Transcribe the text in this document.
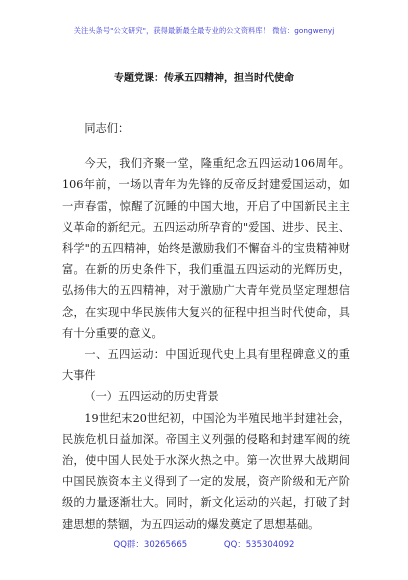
关注头条号"公文研究"，获得最新最全最专业的公文资料库！ 微信：gongwenyj
专题党课：传承五四精神，担当时代使命

同志们：

今天，我们齐聚一堂，隆重纪念五四运动106周年。106年前，一场以青年为先锋的反帝反封建爱国运动，如一声春雷，惊醒了沉睡的中国大地，开启了中国新民主主义革命的新纪元。五四运动所孕育的"爱国、进步、民主、科学"的五四精神，始终是激励我们不懈奋斗的宝贵精神财富。在新的历史条件下，我们重温五四运动的光辉历史，弘扬伟大的五四精神，对于激励广大青年党员坚定理想信念，在实现中华民族伟大复兴的征程中担当时代使命，具有十分重要的意义。

一、五四运动：中国近现代史上具有里程碑意义的重大事件

（一）五四运动的历史背景

19世纪末20世纪初，中国沦为半殖民地半封建社会，民族危机日益加深。帝国主义列强的侵略和封建军阀的统治，使中国人民处于水深火热之中。第一次世界大战期间中国民族资本主义得到了一定的发展，资产阶级和无产阶级的力量逐渐壮大。同时，新文化运动的兴起，打破了封建思想的禁锢，为五四运动的爆发奠定了思想基础。

QQ群：30265665	QQ：535304092
